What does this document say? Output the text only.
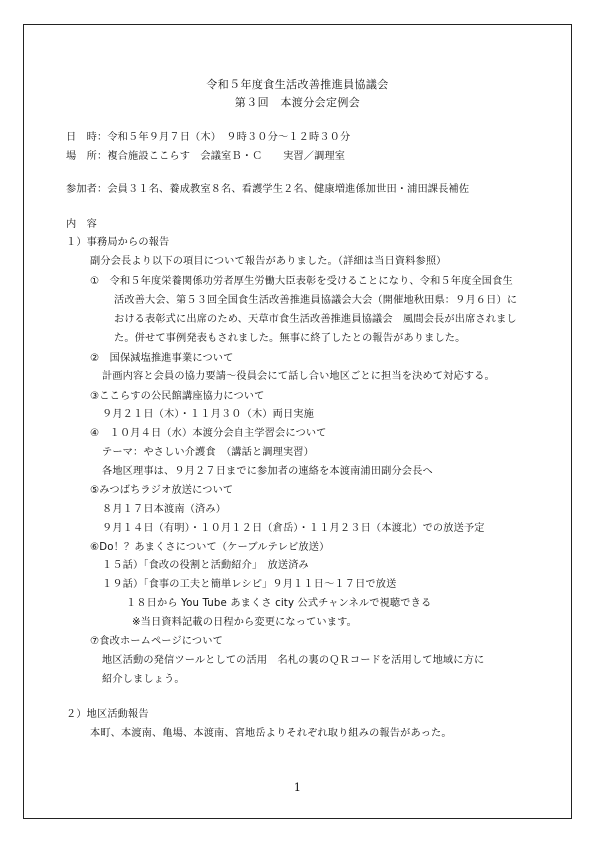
令和５年度食生活改善推進員協議会
第３回　本渡分会定例会
日　時：令和５年９月７日（木）　９時３０分～１２時３０分
場　所：複合施設ここらす　会議室Ｂ・Ｃ　　実習／調理室
参加者：会員３１名、養成教室８名、看護学生２名、健康増進係加世田・浦田課長補佐
内　容
１）事務局からの報告
副分会長より以下の項目について報告がありました。（詳細は当日資料参照）
①　令和５年度栄養関係功労者厚生労働大臣表彰を受けることになり、令和５年度全国食生
活改善大会、第５３回全国食生活改善推進員協議会大会（開催地秋田県：９月６日）に
おける表彰式に出席のため、天草市食生活改善推進員協議会　風間会長が出席されまし
た。併せて事例発表もされました。無事に終了したとの報告がありました。
②　国保減塩推進事業について
計画内容と会員の協力要請～役員会にて話し合い地区ごとに担当を決めて対応する。
③ここらすの公民館講座協力について
９月２１日（木）・１１月３０（木）両日実施
④　１０月４日（水）本渡分会自主学習会について
テーマ：やさしい介護食　（講話と調理実習）
各地区理事は、９月２７日までに参加者の連絡を本渡南浦田副分会長へ
⑤みつばちラジオ放送について
８月１７日本渡南（済み）
９月１４日（有明）・１０月１２日（倉岳）・１１月２３日（本渡北）での放送予定
⑥Do！？あまくさについて（ケーブルテレビ放送）
１５話）「食改の役割と活動紹介」　放送済み
１９話）「食事の工夫と簡単レシピ」９月１１日～１７日で放送
１８日から You Tube あまくさ city 公式チャンネルで視聴できる
※当日資料記載の日程から変更になっています。
⑦食改ホームページについて
地区活動の発信ツールとしての活用　名札の裏のＱＲコードを活用して地域に方に
紹介しましょう。
２）地区活動報告
本町、本渡南、亀場、本渡南、宮地岳よりそれぞれ取り組みの報告があった。
1
